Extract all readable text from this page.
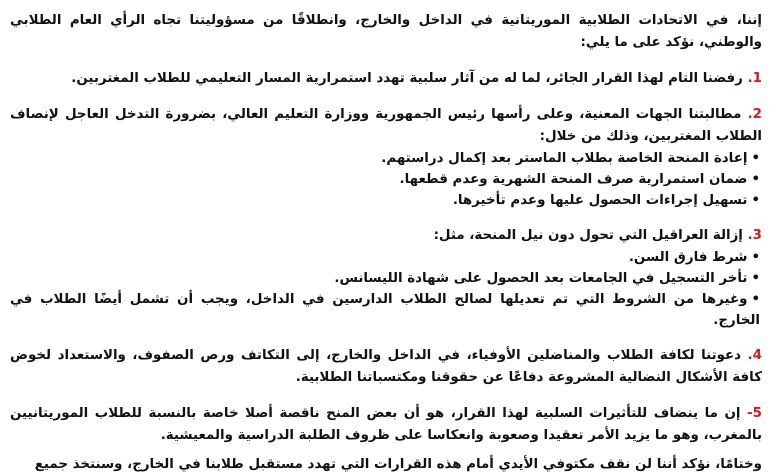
إننا، في الاتحادات الطلابية الموريتانية في الداخل والخارج، وانطلاقًا من مسؤوليتنا تجاه الرأي العام الطلابي والوطني، نؤكد على ما يلي:

1. رفضنا التام لهذا القرار الجائر، لما له من آثار سلبية تهدد استمرارية المسار التعليمي للطلاب المغتربين.

2. مطالبتنا الجهات المعنية، وعلى رأسها رئيس الجمهورية ووزارة التعليم العالي، بضرورة التدخل العاجل لإنصاف الطلاب المغتربين، وذلك من خلال:

• إعادة المنحة الخاصة بطلاب الماستر بعد إكمال دراستهم.
• ضمان استمرارية صرف المنحة الشهرية وعدم قطعها.
• تسهيل إجراءات الحصول عليها وعدم تأخيرها.

3. إزالة العراقيل التي تحول دون نيل المنحة، مثل:

• شرط فارق السن.
• تأخر التسجيل في الجامعات بعد الحصول على شهادة الليسانس.
• وغيرها من الشروط التي تم تعديلها لصالح الطلاب الدارسين في الداخل، ويجب أن تشمل أيضًا الطلاب في الخارج.

4. دعوتنا لكافة الطلاب والمناضلين الأوفياء، في الداخل والخارج، إلى التكاتف ورص الصفوف، والاستعداد لخوض كافة الأشكال النضالية المشروعة دفاعًا عن حقوقنا ومكتسباتنا الطلابية.

5- إن ما ينضاف للتأثيرات السلبية لهذا القرار، هو أن بعض المنح ناقصة أصلا خاصة بالنسبة للطلاب الموريتانيين بالمغرب، وهو ما يزيد الأمر تعقيدا وصعوبة وانعكاسا على ظروف الطلبة الدراسية والمعيشية.

وختامًا، نؤكد أننا لن نقف مكتوفي الأيدي أمام هذه القرارات التي تهدد مستقبل طلابنا في الخارج، وسنتخذ جميع
